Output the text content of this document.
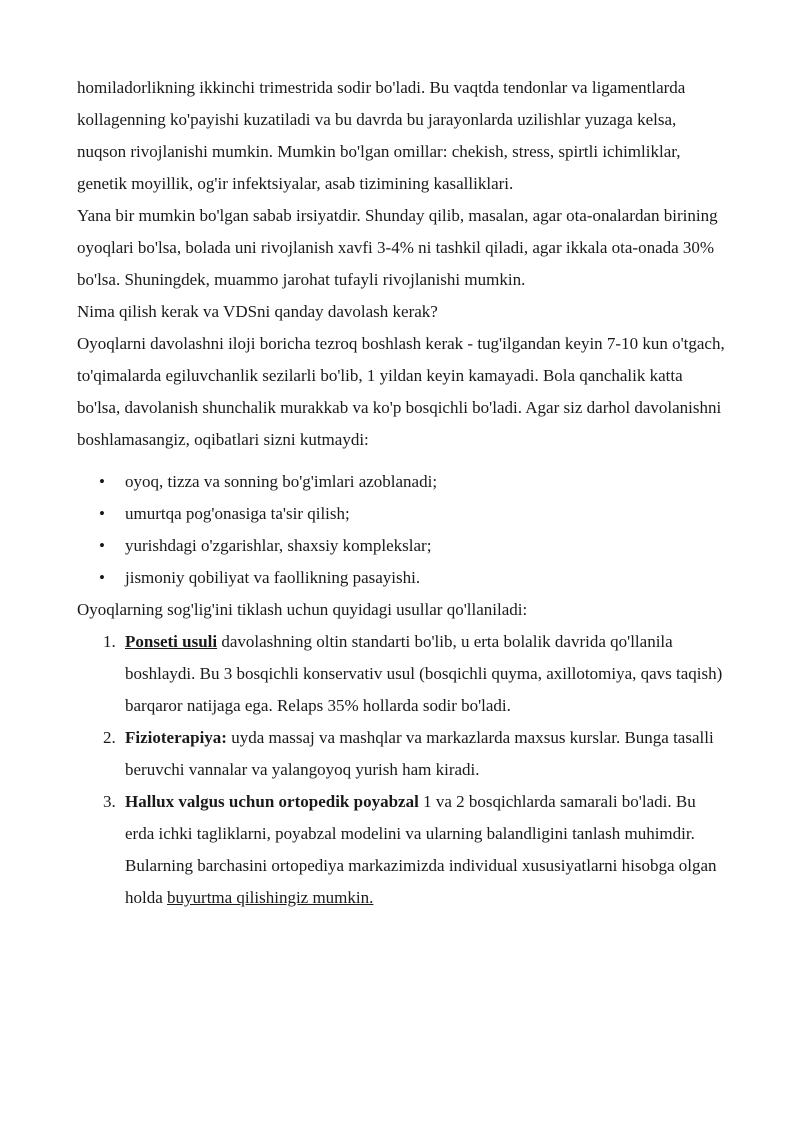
homiladorlikning ikkinchi trimestrida sodir bo'ladi. Bu vaqtda tendonlar va ligamentlarda kollagenning ko'payishi kuzatiladi va bu davrda bu jarayonlarda uzilishlar yuzaga kelsa, nuqson rivojlanishi mumkin. Mumkin bo'lgan omillar: chekish, stress, spirtli ichimliklar, genetik moyillik, og'ir infektsiyalar, asab tizimining kasalliklari.

Yana bir mumkin bo'lgan sabab irsiyatdir. Shunday qilib, masalan, agar ota-onalardan birining oyoqlari bo'lsa, bolada uni rivojlanish xavfi 3-4% ni tashkil qiladi, agar ikkala ota-onada 30% bo'lsa. Shuningdek, muammo jarohat tufayli rivojlanishi mumkin.

Nima qilish kerak va VDSni qanday davolash kerak?

Oyoqlarni davolashni iloji boricha tezroq boshlash kerak - tug'ilgandan keyin 7-10 kun o'tgach, to'qimalarda egiluvchanlik sezilarli bo'lib, 1 yildan keyin kamayadi. Bola qanchalik katta bo'lsa, davolanish shunchalik murakkab va ko'p bosqichli bo'ladi. Agar siz darhol davolanishni boshlamasangiz, oqibatlari sizni kutmaydi:

• oyoq, tizza va sonning bo'g'imlari azoblanadi;
• umurtqa pog'onasiga ta'sir qilish;
• yurishdagi o'zgarishlar, shaxsiy komplekslar;
• jismoniy qobiliyat va faollikning pasayishi.

Oyoqlarning sog'lig'ini tiklash uchun quyidagi usullar qo'llaniladi:

1. Ponseti usuli davolashning oltin standarti bo'lib, u erta bolalik davrida qo'llanila boshlaydi. Bu 3 bosqichli konservativ usul (bosqichli quyma, axillotomiya, qavs taqish) barqaror natijaga ega. Relaps 35% hollarda sodir bo'ladi.
2. Fizioterapiya: uyda massaj va mashqlar va markazlarda maxsus kurslar. Bunga tasalli beruvchi vannalar va yalangoyoq yurish ham kiradi.
3. Hallux valgus uchun ortopedik poyabzal 1 va 2 bosqichlarda samarali bo'ladi. Bu erda ichki tagliklarni, poyabzal modelini va ularning balandligini tanlash muhimdir. Bularning barchasini ortopediya markazimizda individual xususiyatlarni hisobga olgan holda buyurtma qilishingiz mumkin.
